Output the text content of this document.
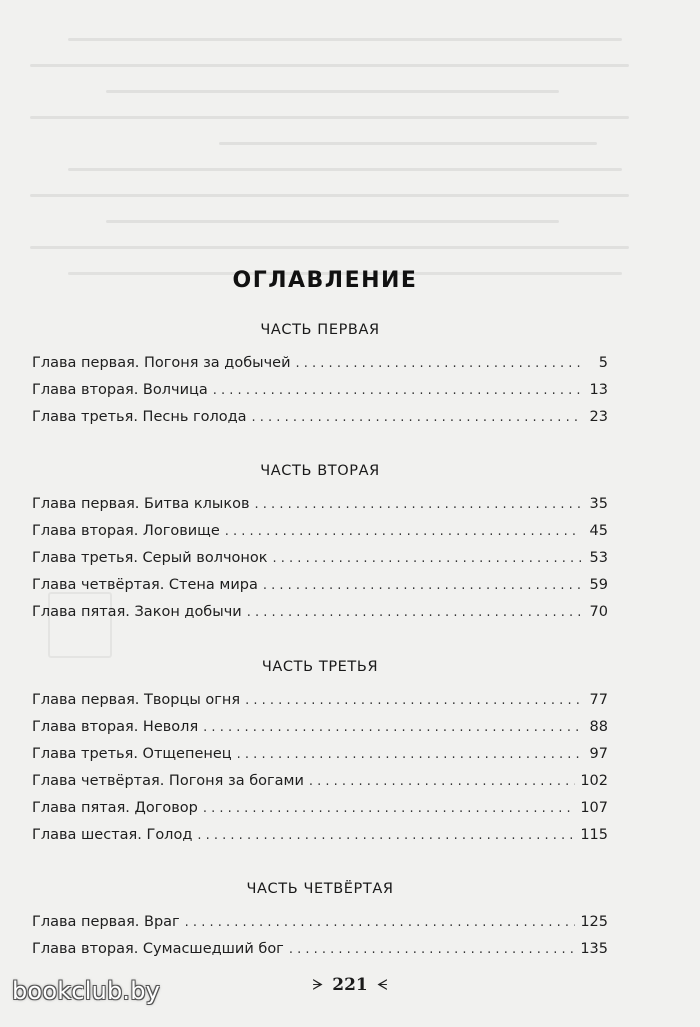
ОГЛАВЛЕНИЕ
ЧАСТЬ ПЕРВАЯ
Глава первая. Погоня за добычей . . .	5
Глава вторая. Волчица . . .	13
Глава третья. Песнь голода . . .	23
ЧАСТЬ ВТОРАЯ
Глава первая. Битва клыков . . .	35
Глава вторая. Логовище . . .	45
Глава третья. Серый волчонок . . .	53
Глава четвёртая. Стена мира . . .	59
Глава пятая. Закон добычи . . .	70
ЧАСТЬ ТРЕТЬЯ
Глава первая. Творцы огня . . .	77
Глава вторая. Неволя . . .	88
Глава третья. Отщепенец . . .	97
Глава четвёртая. Погоня за богами . . .	102
Глава пятая. Договор . . .	107
Глава шестая. Голод . . .	115
ЧАСТЬ ЧЕТВЁРТАЯ
Глава первая. Враг . . .	125
Глава вторая. Сумасшедший бог . . .	135
ᗒ 221 ᗕ
bookclub.by
